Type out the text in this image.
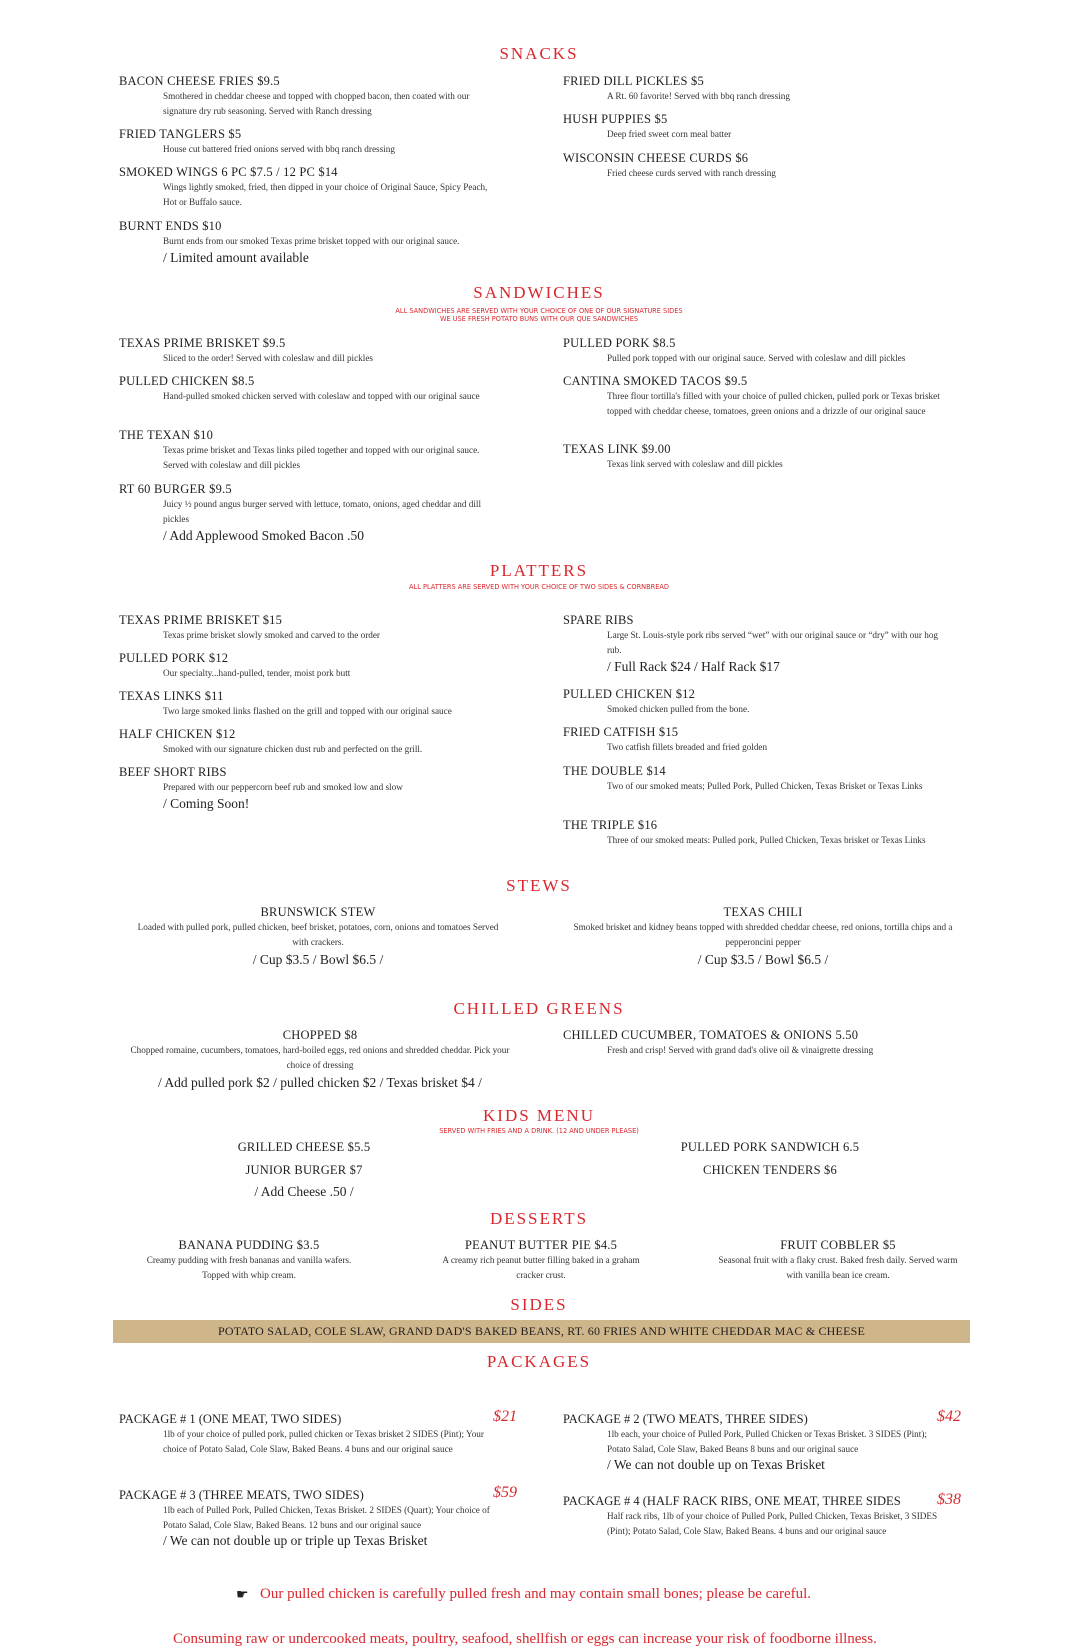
SNACKS
BACON CHEESE FRIES $9.5
Smothered in cheddar cheese and topped with chopped bacon, then coated with our signature dry rub seasoning. Served with Ranch dressing
FRIED TANGLERS $5
House cut battered fried onions served with bbq ranch dressing
SMOKED WINGS 6 PC $7.5 / 12 PC $14
Wings lightly smoked, fried, then dipped in your choice of Original Sauce, Spicy Peach, Hot or Buffalo sauce.
BURNT ENDS $10
Burnt ends from our smoked Texas prime brisket topped with our original sauce.
/ Limited amount available
FRIED DILL PICKLES $5
A Rt. 60 favorite! Served with bbq ranch dressing
HUSH PUPPIES $5
Deep fried sweet corn meal batter
WISCONSIN CHEESE CURDS $6
Fried cheese curds served with ranch dressing
SANDWICHES
ALL SANDWICHES ARE SERVED WITH YOUR CHOICE OF ONE OF OUR SIGNATURE SIDES
WE USE FRESH POTATO BUNS WITH OUR QUE SANDWICHES
TEXAS PRIME BRISKET $9.5
Sliced to the order! Served with coleslaw and dill pickles
PULLED CHICKEN $8.5
Hand-pulled smoked chicken served with coleslaw and topped with our original sauce
THE TEXAN $10
Texas prime brisket and Texas links piled together and topped with our original sauce. Served with coleslaw and dill pickles
RT 60 BURGER $9.5
Juicy ½ pound angus burger served with lettuce, tomato, onions, aged cheddar and dill pickles
/ Add Applewood Smoked Bacon .50
PULLED PORK $8.5
Pulled pork topped with our original sauce. Served with coleslaw and dill pickles
CANTINA SMOKED TACOS $9.5
Three flour tortilla's filled with your choice of pulled chicken, pulled pork or Texas brisket topped with cheddar cheese, tomatoes, green onions and a drizzle of our original sauce
TEXAS LINK $9.00
Texas link served with coleslaw and dill pickles
PLATTERS
ALL PLATTERS ARE SERVED WITH YOUR CHOICE OF TWO SIDES & CORNBREAD
TEXAS PRIME BRISKET $15
Texas prime brisket slowly smoked and carved to the order
PULLED PORK $12
Our specialty...hand-pulled, tender, moist pork butt
TEXAS LINKS $11
Two large smoked links flashed on the grill and topped with our original sauce
HALF CHICKEN $12
Smoked with our signature chicken dust rub and perfected on the grill.
BEEF SHORT RIBS
Prepared with our peppercorn beef rub and smoked low and slow
/ Coming Soon!
SPARE RIBS
Large St. Louis-style pork ribs served “wet” with our original sauce or “dry” with our hog rub.
/ Full Rack $24 / Half Rack $17
PULLED CHICKEN $12
Smoked chicken pulled from the bone.
FRIED CATFISH $15
Two catfish fillets breaded and fried golden
THE DOUBLE $14
Two of our smoked meats; Pulled Pork, Pulled Chicken, Texas Brisket or Texas Links
THE TRIPLE $16
Three of our smoked meats: Pulled pork, Pulled Chicken, Texas brisket or Texas Links
STEWS
BRUNSWICK STEW
Loaded with pulled pork, pulled chicken, beef brisket, potatoes, corn, onions and tomatoes Served with crackers.
/ Cup $3.5 / Bowl $6.5 /
TEXAS CHILI
Smoked brisket and kidney beans topped with shredded cheddar cheese, red onions, tortilla chips and a pepperoncini pepper
/ Cup $3.5 / Bowl $6.5 /
CHILLED GREENS
CHOPPED $8
Chopped romaine, cucumbers, tomatoes, hard-boiled eggs, red onions and shredded cheddar. Pick your choice of dressing
/ Add pulled pork $2 / pulled chicken $2 / Texas brisket $4 /
CHILLED CUCUMBER, TOMATOES & ONIONS 5.50
Fresh and crisp! Served with grand dad's olive oil & vinaigrette dressing
KIDS MENU
SERVED WITH FRIES AND A DRINK. (12 AND UNDER PLEASE)
GRILLED CHEESE $5.5
JUNIOR BURGER $7
/ Add Cheese .50 /
PULLED PORK SANDWICH 6.5
CHICKEN TENDERS $6
DESSERTS
BANANA PUDDING $3.5
Creamy pudding with fresh bananas and vanilla wafers. Topped with whip cream.
PEANUT BUTTER PIE $4.5
A creamy rich peanut butter filling baked in a graham cracker crust.
FRUIT COBBLER $5
Seasonal fruit with a flaky crust. Baked fresh daily. Served warm with vanilla bean ice cream.
SIDES
POTATO SALAD, COLE SLAW, GRAND DAD'S BAKED BEANS, RT. 60 FRIES AND WHITE CHEDDAR MAC & CHEESE
PACKAGES
PACKAGE # 1 (ONE MEAT, TWO SIDES)
1lb of your choice of pulled pork, pulled chicken or Texas brisket 2 SIDES (Pint); Your choice of Potato Salad, Cole Slaw, Baked Beans. 4 buns and our original sauce
$21	PACKAGE # 2 (TWO MEATS, THREE SIDES)
1lb each, your choice of Pulled Pork, Pulled Chicken or Texas Brisket. 3 SIDES (Pint); Potato Salad, Cole Slaw, Baked Beans 8 buns and our original sauce
/ We can not double up on Texas Brisket
$42
PACKAGE # 3 (THREE MEATS, TWO SIDES)
1lb each of Pulled Pork, Pulled Chicken, Texas Brisket. 2 SIDES (Quart); Your choice of Potato Salad, Cole Slaw, Baked Beans. 12 buns and our original sauce
/ We can not double up or triple up Texas Brisket
$59	PACKAGE # 4 (HALF RACK RIBS, ONE MEAT, THREE SIDES
Half rack ribs, 1lb of your choice of Pulled Pork, Pulled Chicken, Texas Brisket, 3 SIDES (Pint); Potato Salad, Cole Slaw, Baked Beans. 4 buns and our original sauce
$38
☛ Our pulled chicken is carefully pulled fresh and may contain small bones; please be careful.
Consuming raw or undercooked meats, poultry, seafood, shellfish or eggs can increase your risk of foodborne illness.
